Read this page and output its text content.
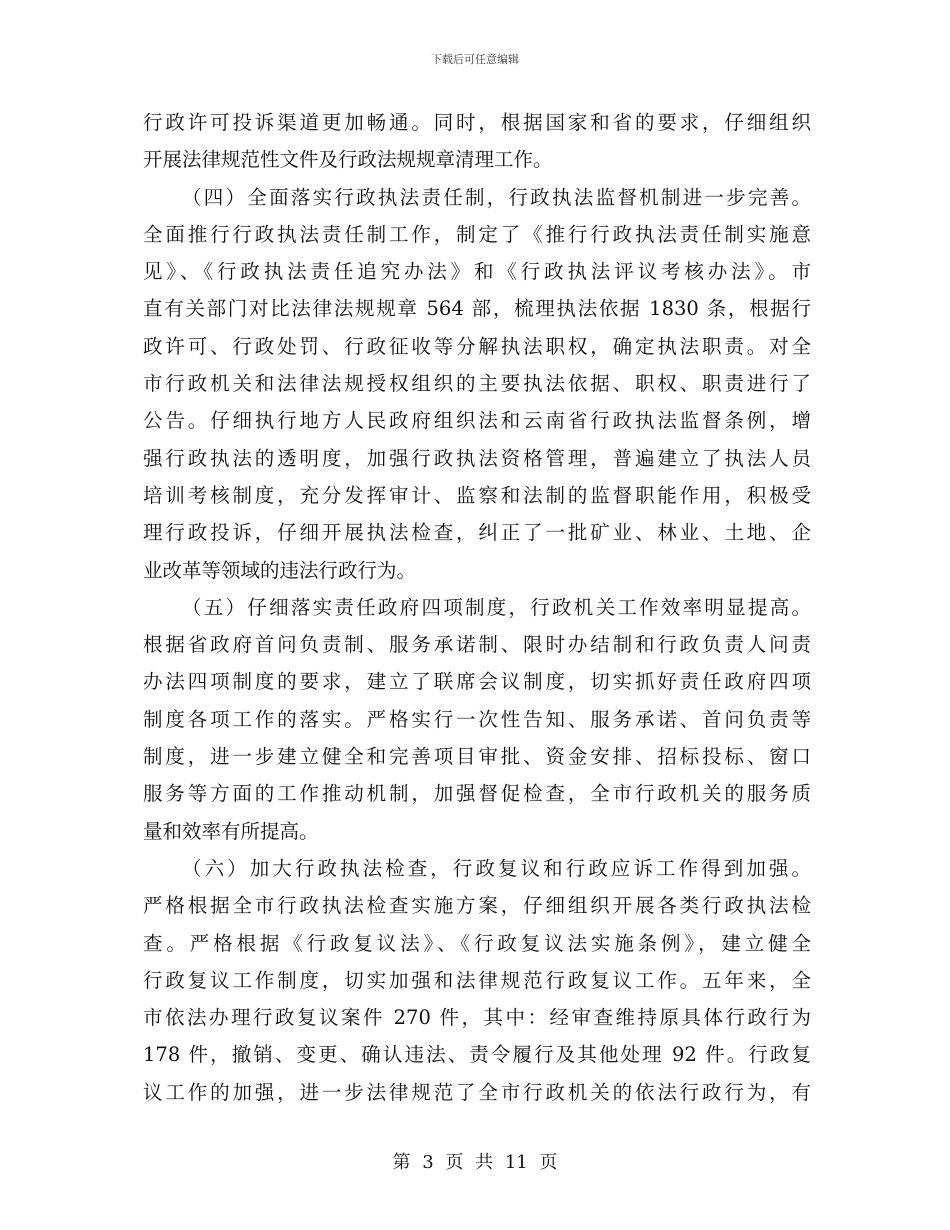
下载后可任意编辑
行政许可投诉渠道更加畅通。同时，根据国家和省的要求，仔细组织
开展法律规范性文件及行政法规规章清理工作。
（四）全面落实行政执法责任制，行政执法监督机制进一步完善。
全面推行行政执法责任制工作，制定了《推行行政执法责任制实施意
见》、《行政执法责任追究办法》和《行政执法评议考核办法》。市
直有关部门对比法律法规规章 564 部，梳理执法依据 1830 条，根据行
政许可、行政处罚、行政征收等分解执法职权，确定执法职责。对全
市行政机关和法律法规授权组织的主要执法依据、职权、职责进行了
公告。仔细执行地方人民政府组织法和云南省行政执法监督条例，增
强行政执法的透明度，加强行政执法资格管理，普遍建立了执法人员
培训考核制度，充分发挥审计、监察和法制的监督职能作用，积极受
理行政投诉，仔细开展执法检查，纠正了一批矿业、林业、土地、企
业改革等领域的违法行政行为。
（五）仔细落实责任政府四项制度，行政机关工作效率明显提高。
根据省政府首问负责制、服务承诺制、限时办结制和行政负责人问责
办法四项制度的要求，建立了联席会议制度，切实抓好责任政府四项
制度各项工作的落实。严格实行一次性告知、服务承诺、首问负责等
制度，进一步建立健全和完善项目审批、资金安排、招标投标、窗口
服务等方面的工作推动机制，加强督促检查，全市行政机关的服务质
量和效率有所提高。
（六）加大行政执法检查，行政复议和行政应诉工作得到加强。
严格根据全市行政执法检查实施方案，仔细组织开展各类行政执法检
查。严格根据《行政复议法》、《行政复议法实施条例》，建立健全
行政复议工作制度，切实加强和法律规范行政复议工作。五年来，全
市依法办理行政复议案件 270 件，其中：经审查维持原具体行政行为
178 件，撤销、变更、确认违法、责令履行及其他处理 92 件。行政复
议工作的加强，进一步法律规范了全市行政机关的依法行政行为，有
第 3 页 共 11 页
